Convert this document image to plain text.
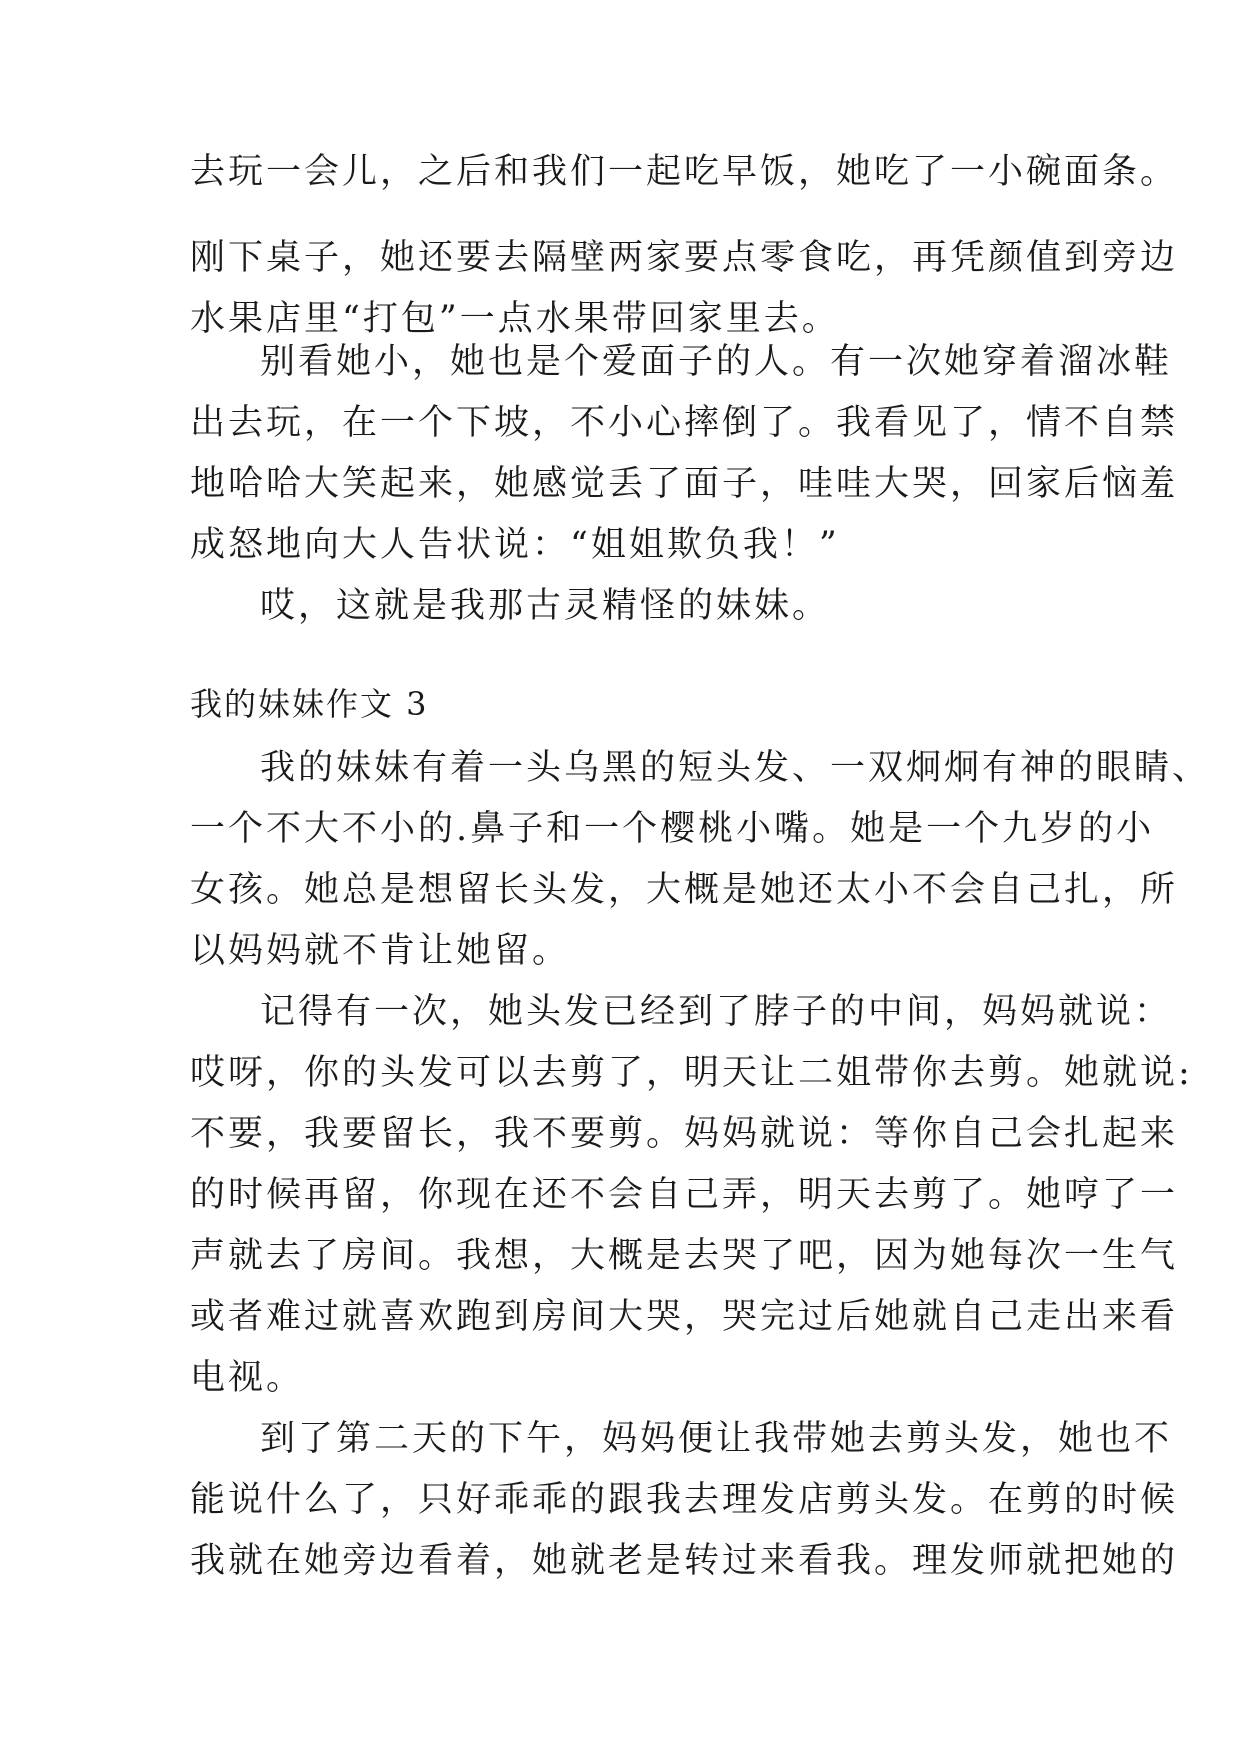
去玩一会儿，之后和我们一起吃早饭，她吃了一小碗面条。
刚下桌子，她还要去隔壁两家要点零食吃，再凭颜值到旁边
水果店里“打包”一点水果带回家里去。
别看她小，她也是个爱面子的人。有一次她穿着溜冰鞋
出去玩，在一个下坡，不小心摔倒了。我看见了，情不自禁
地哈哈大笑起来，她感觉丢了面子，哇哇大哭，回家后恼羞
成怒地向大人告状说：“姐姐欺负我！”
哎，这就是我那古灵精怪的妹妹。
我的妹妹作文 3
我的妹妹有着一头乌黑的短头发、一双炯炯有神的眼睛、
一个不大不小的.鼻子和一个樱桃小嘴。她是一个九岁的小
女孩。她总是想留长头发，大概是她还太小不会自己扎，所
以妈妈就不肯让她留。
记得有一次，她头发已经到了脖子的中间，妈妈就说：
哎呀，你的头发可以去剪了，明天让二姐带你去剪。她就说:
不要，我要留长，我不要剪。妈妈就说：等你自己会扎起来
的时候再留，你现在还不会自己弄，明天去剪了。她哼了一
声就去了房间。我想，大概是去哭了吧，因为她每次一生气
或者难过就喜欢跑到房间大哭，哭完过后她就自己走出来看
电视。
到了第二天的下午，妈妈便让我带她去剪头发，她也不
能说什么了，只好乖乖的跟我去理发店剪头发。在剪的时候
我就在她旁边看着，她就老是转过来看我。理发师就把她的
